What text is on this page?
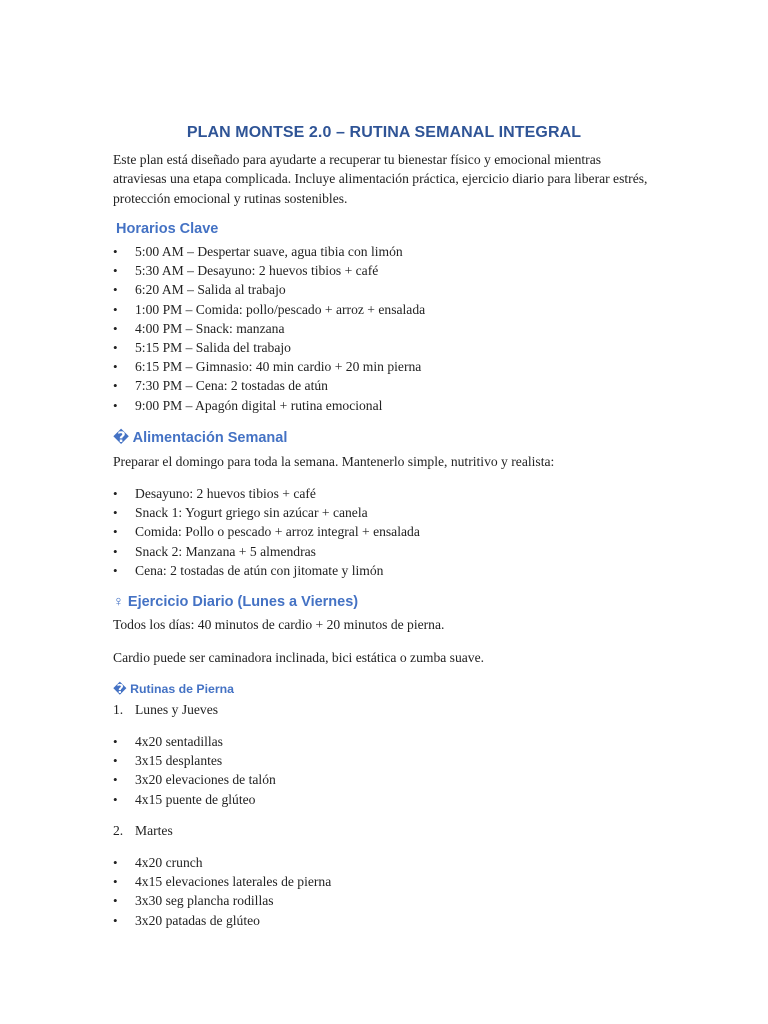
PLAN MONTSE 2.0 – RUTINA SEMANAL INTEGRAL

Este plan está diseñado para ayudarte a recuperar tu bienestar físico y emocional mientras atraviesas una etapa complicada. Incluye alimentación práctica, ejercicio diario para liberar estrés, protección emocional y rutinas sostenibles.

Horarios Clave
• 5:00 AM – Despertar suave, agua tibia con limón
• 5:30 AM – Desayuno: 2 huevos tibios + café
• 6:20 AM – Salida al trabajo
• 1:00 PM – Comida: pollo/pescado + arroz + ensalada
• 4:00 PM – Snack: manzana
• 5:15 PM – Salida del trabajo
• 6:15 PM – Gimnasio: 40 min cardio + 20 min pierna
• 7:30 PM – Cena: 2 tostadas de atún
• 9:00 PM – Apagón digital + rutina emocional
� Alimentación Semanal

Preparar el domingo para toda la semana. Mantenerlo simple, nutritivo y realista:

• Desayuno: 2 huevos tibios + café
• Snack 1: Yogurt griego sin azúcar + canela
• Comida: Pollo o pescado + arroz integral + ensalada
• Snack 2: Manzana + 5 almendras
• Cena: 2 tostadas de atún con jitomate y limón
♀ Ejercicio Diario (Lunes a Viernes)

Todos los días: 40 minutos de cardio + 20 minutos de pierna.

Cardio puede ser caminadora inclinada, bici estática o zumba suave.

� Rutinas de Pierna
1. Lunes y Jueves
• 4x20 sentadillas
• 3x15 desplantes
• 3x20 elevaciones de talón
• 4x15 puente de glúteo
2. Martes
• 4x20 crunch
• 4x15 elevaciones laterales de pierna
• 3x30 seg plancha rodillas
• 3x20 patadas de glúteo
